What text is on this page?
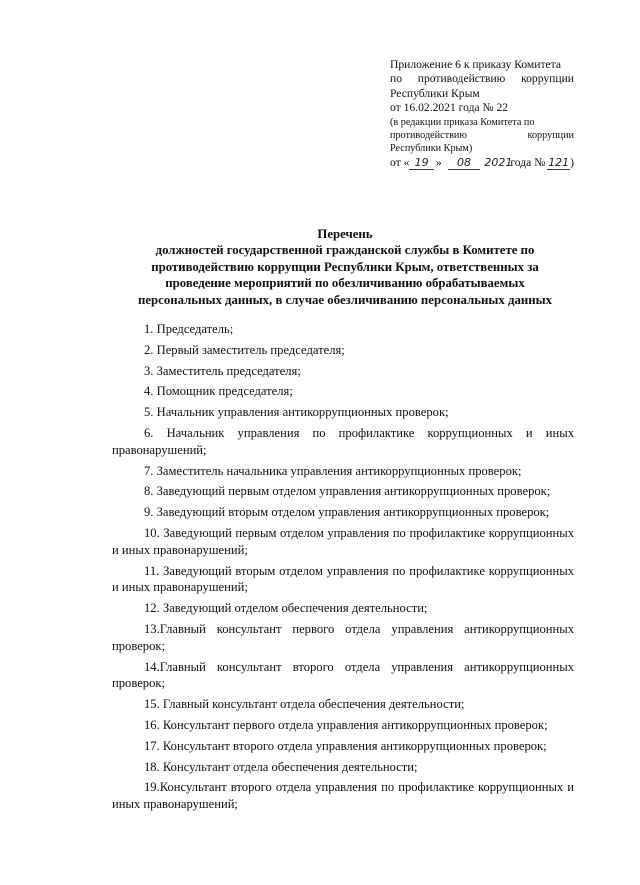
Приложение 6 к приказу Комитета
по противодействию коррупции
Республики Крым
от 16.02.2021 года № 22
(в редакции приказа Комитета по
противодействию	коррупции
Республики Крым)
от « 19 »	08	2021
года № 121 )
Перечень
должностей государственной гражданской службы в Комитете по
противодействию коррупции Республики Крым, ответственных за
проведение мероприятий по обезличиванию обрабатываемых
персональных данных, в случае обезличиванию персональных данных
1. Председатель;
2. Первый заместитель председателя;
3. Заместитель председателя;
4. Помощник председателя;
5. Начальник управления антикоррупционных проверок;
6. Начальник управления по профилактике коррупционных и иных правонарушений;
7. Заместитель начальника управления антикоррупционных проверок;
8. Заведующий первым отделом управления антикоррупционных проверок;
9. Заведующий вторым отделом управления антикоррупционных проверок;
10. Заведующий первым отделом управления по профилактике коррупционных и иных правонарушений;
11. Заведующий вторым отделом управления по профилактике коррупционных и иных правонарушений;
12. Заведующий отделом обеспечения деятельности;
13.Главный консультант первого отдела управления антикоррупционных проверок;
14.Главный консультант второго отдела управления антикоррупционных проверок;
15. Главный консультант отдела обеспечения деятельности;
16. Консультант первого отдела управления антикоррупционных проверок;
17. Консультант второго отдела управления антикоррупционных проверок;
18. Консультант отдела обеспечения деятельности;
19.Консультант второго отдела управления по профилактике коррупционных и иных правонарушений;
